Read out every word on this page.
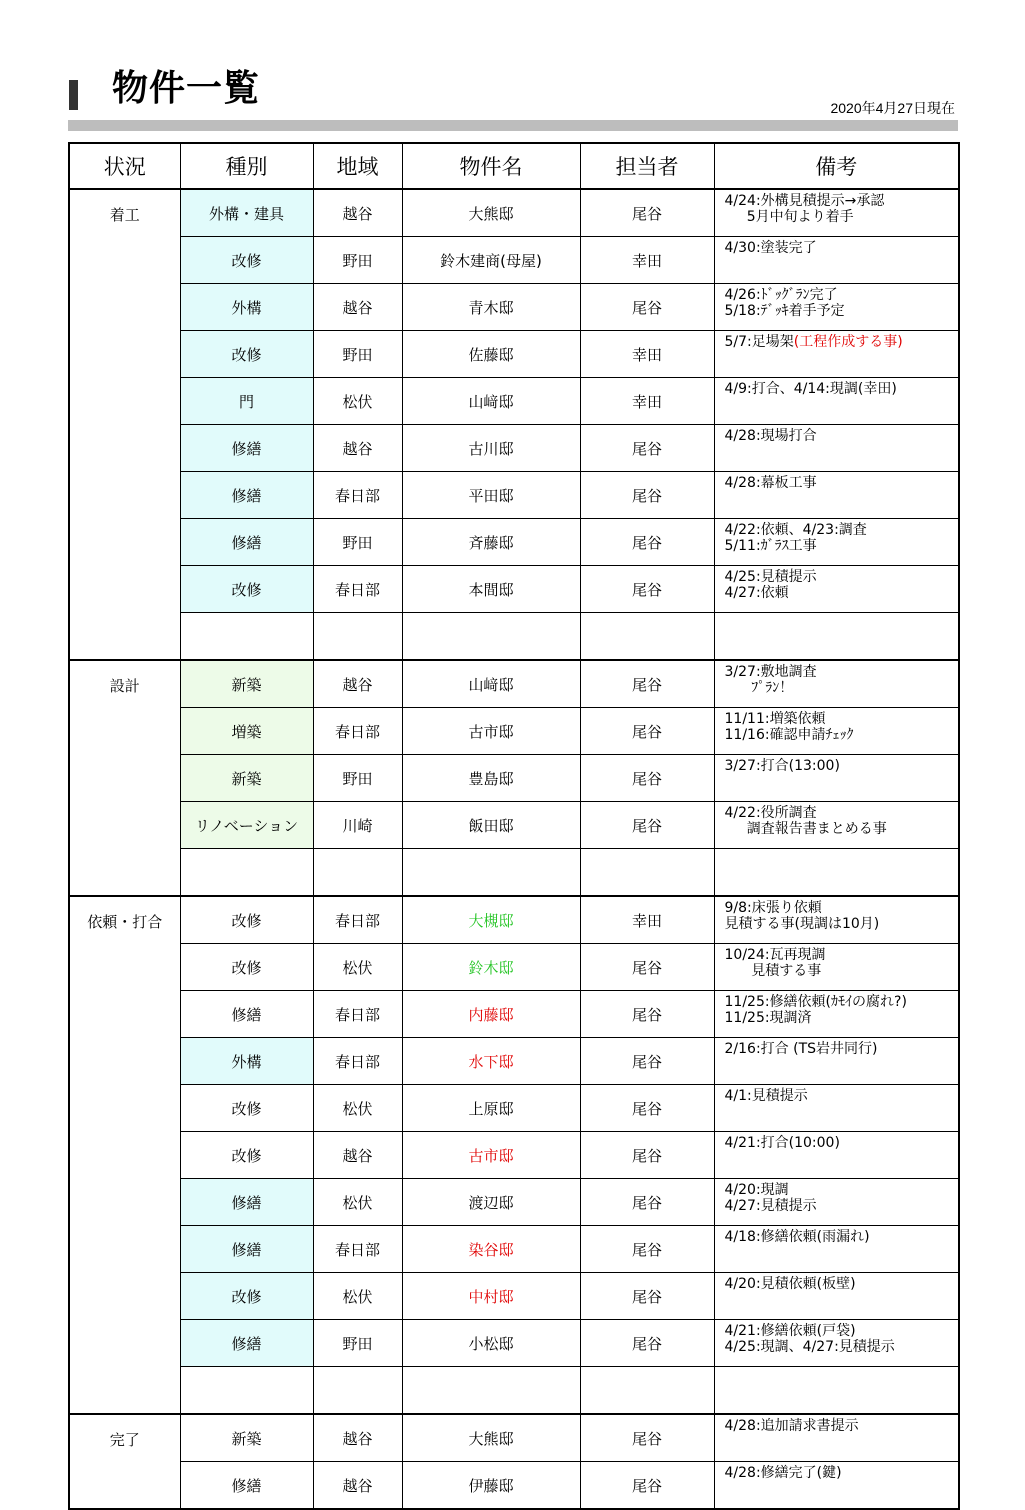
物件一覧	2020年4月27日現在
状況	種別	地域	物件名	担当者	備考
着工	外構・建具	越谷	大熊邸	尾谷	4/24:外構見積提示→承認
5月中旬より着手
	改修	野田	鈴木建商(母屋)	幸田	4/30:塗装完了
	外構	越谷	青木邸	尾谷	4/26:ﾄﾞｯｸﾞﾗﾝ完了
5/18:ﾃﾞｯｷ着手予定
	改修	野田	佐藤邸	幸田	5/7:足場架(工程作成する事)
	門	松伏	山﨑邸	幸田	4/9:打合、4/14:現調(幸田)
	修繕	越谷	古川邸	尾谷	4/28:現場打合
	修繕	春日部	平田邸	尾谷	4/28:幕板工事
	修繕	野田	斉藤邸	尾谷	4/22:依頼、4/23:調査
5/11:ｶﾞﾗｽ工事
	改修	春日部	本間邸	尾谷	4/25:見積提示
4/27:依頼

設計	新築	越谷	山﨑邸	尾谷	3/27:敷地調査
ﾌﾟﾗﾝ！
	増築	春日部	古市邸	尾谷	11/11:増築依頼
11/16:確認申請ﾁｪｯｸ
	新築	野田	豊島邸	尾谷	3/27:打合(13:00)
	リノベーション	川崎	飯田邸	尾谷	4/22:役所調査
調査報告書まとめる事

依頼・打合	改修	春日部	大槻邸	幸田	9/8:床張り依頼
見積する事(現調は10月)
	改修	松伏	鈴木邸	尾谷	10/24:瓦再現調
見積する事
	修繕	春日部	内藤邸	尾谷	11/25:修繕依頼(ｶﾓｲの腐れ?)
11/25:現調済
	外構	春日部	水下邸	尾谷	2/16:打合 (TS岩井同行)
	改修	松伏	上原邸	尾谷	4/1:見積提示
	改修	越谷	古市邸	尾谷	4/21:打合(10:00)
	修繕	松伏	渡辺邸	尾谷	4/20:現調
4/27:見積提示
	修繕	春日部	染谷邸	尾谷	4/18:修繕依頼(雨漏れ)
	改修	松伏	中村邸	尾谷	4/20:見積依頼(板壁)
	修繕	野田	小松邸	尾谷	4/21:修繕依頼(戸袋)
4/25:現調、4/27:見積提示

完了	新築	越谷	大熊邸	尾谷	4/28:追加請求書提示
	修繕	越谷	伊藤邸	尾谷	4/28:修繕完了(鍵)
